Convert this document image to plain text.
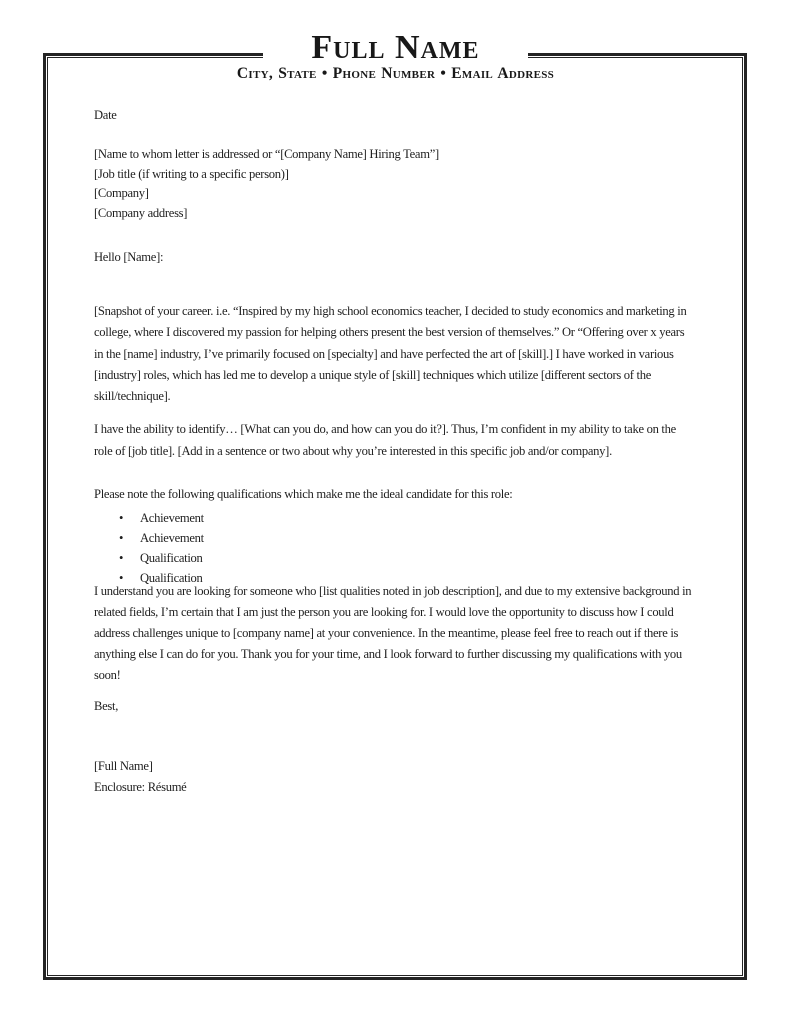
Full Name
City, State • Phone Number • Email Address

Date

[Name to whom letter is addressed or “[Company Name] Hiring Team”]

[Job title (if writing to a specific person)]

[Company]

[Company address]

Hello [Name]:

[Snapshot of your career. i.e. “Inspired by my high school economics teacher, I decided to study economics and marketing in college, where I discovered my passion for helping others present the best version of themselves.” Or “Offering over x years in the [name] industry, I’ve primarily focused on [specialty] and have perfected the art of [skill].] I have worked in various [industry] roles, which has led me to develop a unique style of [skill] techniques which utilize [different sectors of the skill/technique].

I have the ability to identify… [What can you do, and how can you do it?]. Thus, I’m confident in my ability to take on the role of [job title]. [Add in a sentence or two about why you’re interested in this specific job and/or company].

Please note the following qualifications which make me the ideal candidate for this role:

• Achievement
• Achievement
• Qualification
• Qualification

I understand you are looking for someone who [list qualities noted in job description], and due to my extensive background in related fields, I’m certain that I am just the person you are looking for. I would love the opportunity to discuss how I could address challenges unique to [company name] at your convenience. In the meantime, please feel free to reach out if there is anything else I can do for you. Thank you for your time, and I look forward to further discussing my qualifications with you soon!

Best,

[Full Name]

Enclosure: Résumé
